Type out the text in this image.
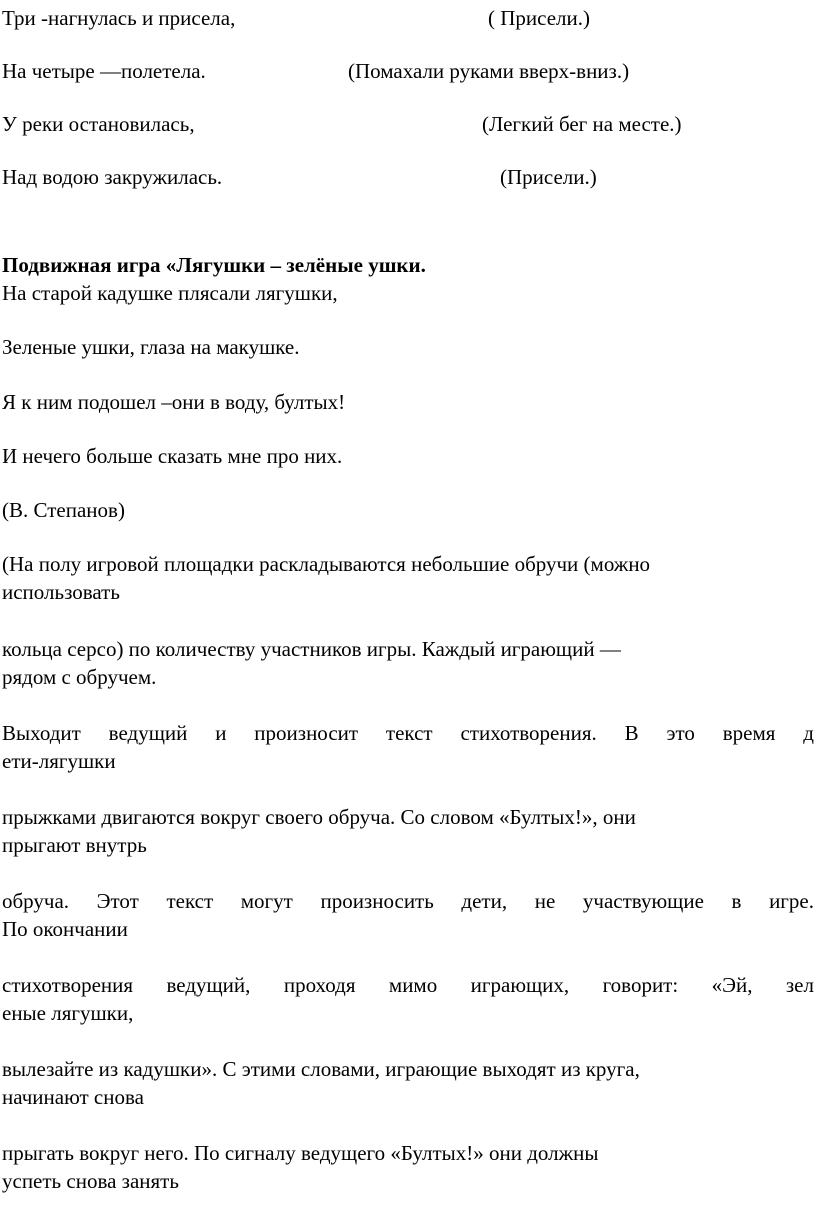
Три -нагнулась и присела,	( Присели.)
На четыре —полетела.	(Помахали руками вверх-вниз.)
У реки остановилась,	(Легкий бег на месте.)
Над водою закружилась.	(Присели.)
Подвижная игра «Лягушки – зелёные ушки.
На старой кадушке плясали лягушки,
Зеленые ушки, глаза на макушке.
Я к ним подошел –они в воду, бултых!
И нечего больше сказать мне про них.
(В. Степанов)
(На полу игровой площадки раскладываются небольшие обручи (можно
использовать
кольца серсо) по количеству участников игры. Каждый играющий —
рядом с обручем.
Выходит ведущий и произносит текст стихотворения. В это время д
ети-лягушки
прыжками двигаются вокруг своего обруча. Со словом «Бултых!», они
прыгают внутрь
обруча. Этот текст могут произносить дети, не участвующие в игре.
По окончании
стихотворения ведущий, проходя мимо играющих, говорит: «Эй, зел
еные лягушки,
вылезайте из кадушки». С этими словами, играющие выходят из круга,
начинают снова
прыгать вокруг него. По сигналу ведущего «Бултых!» они должны
успеть снова занять
